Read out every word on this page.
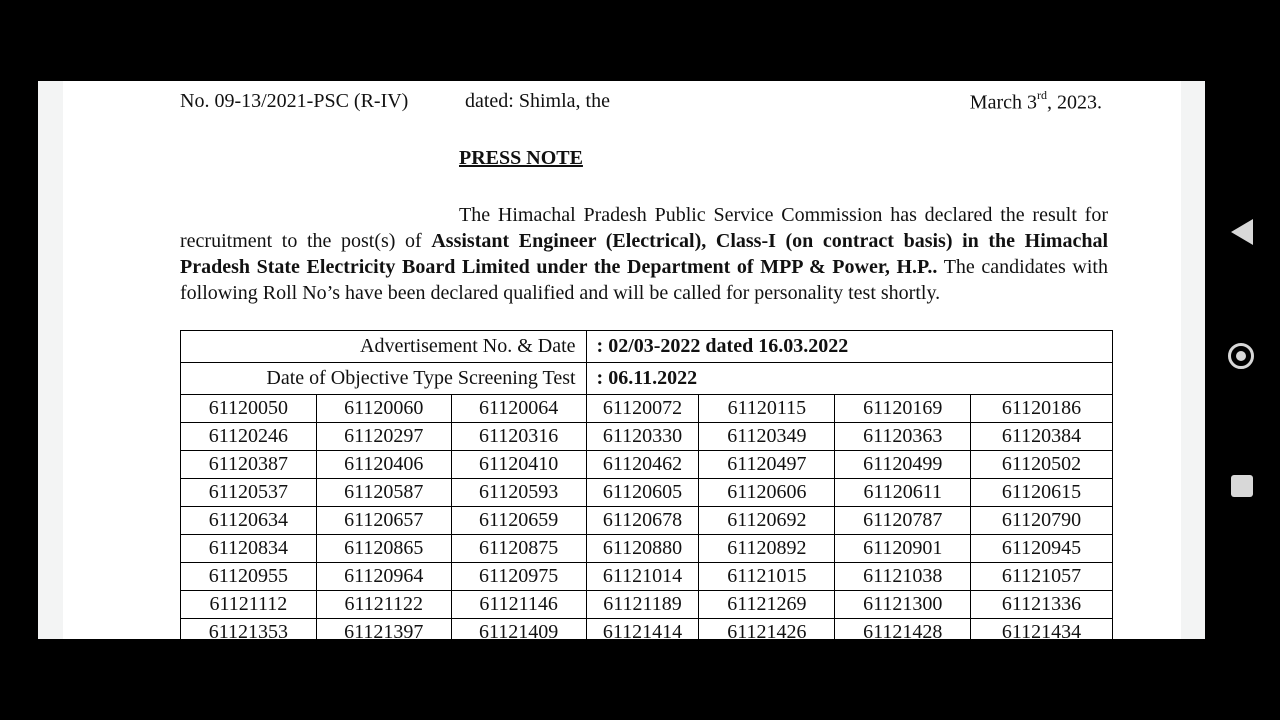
No. 09-13/2021-PSC (R-IV)	dated: Shimla, the	March 3rd, 2023.
PRESS NOTE

The Himachal Pradesh Public Service Commission has declared the result for recruitment to the post(s) of Assistant Engineer (Electrical), Class-I (on contract basis) in the Himachal Pradesh State Electricity Board Limited under the Department of MPP & Power, H.P.. The candidates with following Roll No’s have been declared qualified and will be called for personality test shortly.

Advertisement No. & Date			: 02/03-2022 dated 16.03.2022			
Date of Objective Type Screening Test			: 06.11.2022			
61120050	61120060	61120064	61120072	61120115	61120169	61120186
61120246	61120297	61120316	61120330	61120349	61120363	61120384
61120387	61120406	61120410	61120462	61120497	61120499	61120502
61120537	61120587	61120593	61120605	61120606	61120611	61120615
61120634	61120657	61120659	61120678	61120692	61120787	61120790
61120834	61120865	61120875	61120880	61120892	61120901	61120945
61120955	61120964	61120975	61121014	61121015	61121038	61121057
61121112	61121122	61121146	61121189	61121269	61121300	61121336
61121353	61121397	61121409	61121414	61121426	61121428	61121434
